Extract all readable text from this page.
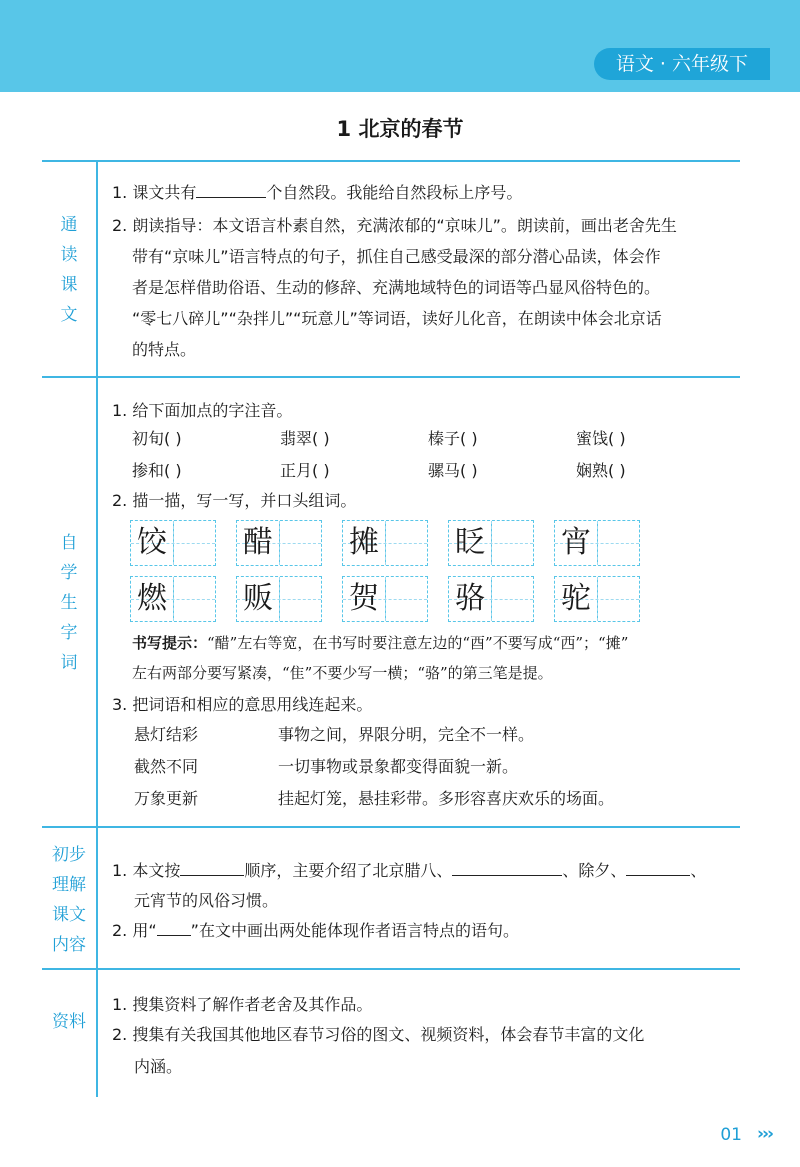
语文 · 六年级下
1 北京的春节
通
读
课
文
1. 课文共有	个自然段。我能给自然段标上序号。
2. 朗读指导：本文语言朴素自然，充满浓郁的“京味儿”。朗读前，画出老舍先生
带有“京味儿”语言特点的句子，抓住自己感受最深的部分潜心品读，体会作
者是怎样借助俗语、生动的修辞、充满地域特色的词语等凸显风俗特色的。
“零七八碎儿”“杂拌儿”“玩意儿”等词语，读好儿化音，在朗读中体会北京话
的特点。
自
学
生
字
词
1. 给下面加点的字注音。
初旬 ·( )	翡翠 ·( )	榛子 ·( )	蜜饯 ·( )
掺 ·和( )	正 ·月( )	骡 ·马( )	娴 ·熟( )
2. 描一描，写一写，并口头组词。
饺	醋	摊	眨	宵
燃	贩	贺	骆	驼
书写提示：“醋”左右等宽，在书写时要注意左边的“酉”不要写成“西”；“摊”
左右两部分要写紧凑，“隹”不要少写一横；“骆”的第三笔是提。
3. 把词语和相应的意思用线连起来。
悬灯结彩	事物之间，界限分明，完全不一样。
截然不同	一切事物或景象都变得面貌一新。
万象更新	挂起灯笼，悬挂彩带。多形容喜庆欢乐的场面。
初步
理解
课文
内容
1. 本文按	顺序，主要介绍了北京腊八、	、除夕、	、
元宵节的风俗习惯。
2. 用“ ”在文中画出两处能体现作者语言特点的语句。
资料
1. 搜集资料了解作者老舍及其作品。
2. 搜集有关我国其他地区春节习俗的图文、视频资料，体会春节丰富的文化
内涵。
01 ›››
